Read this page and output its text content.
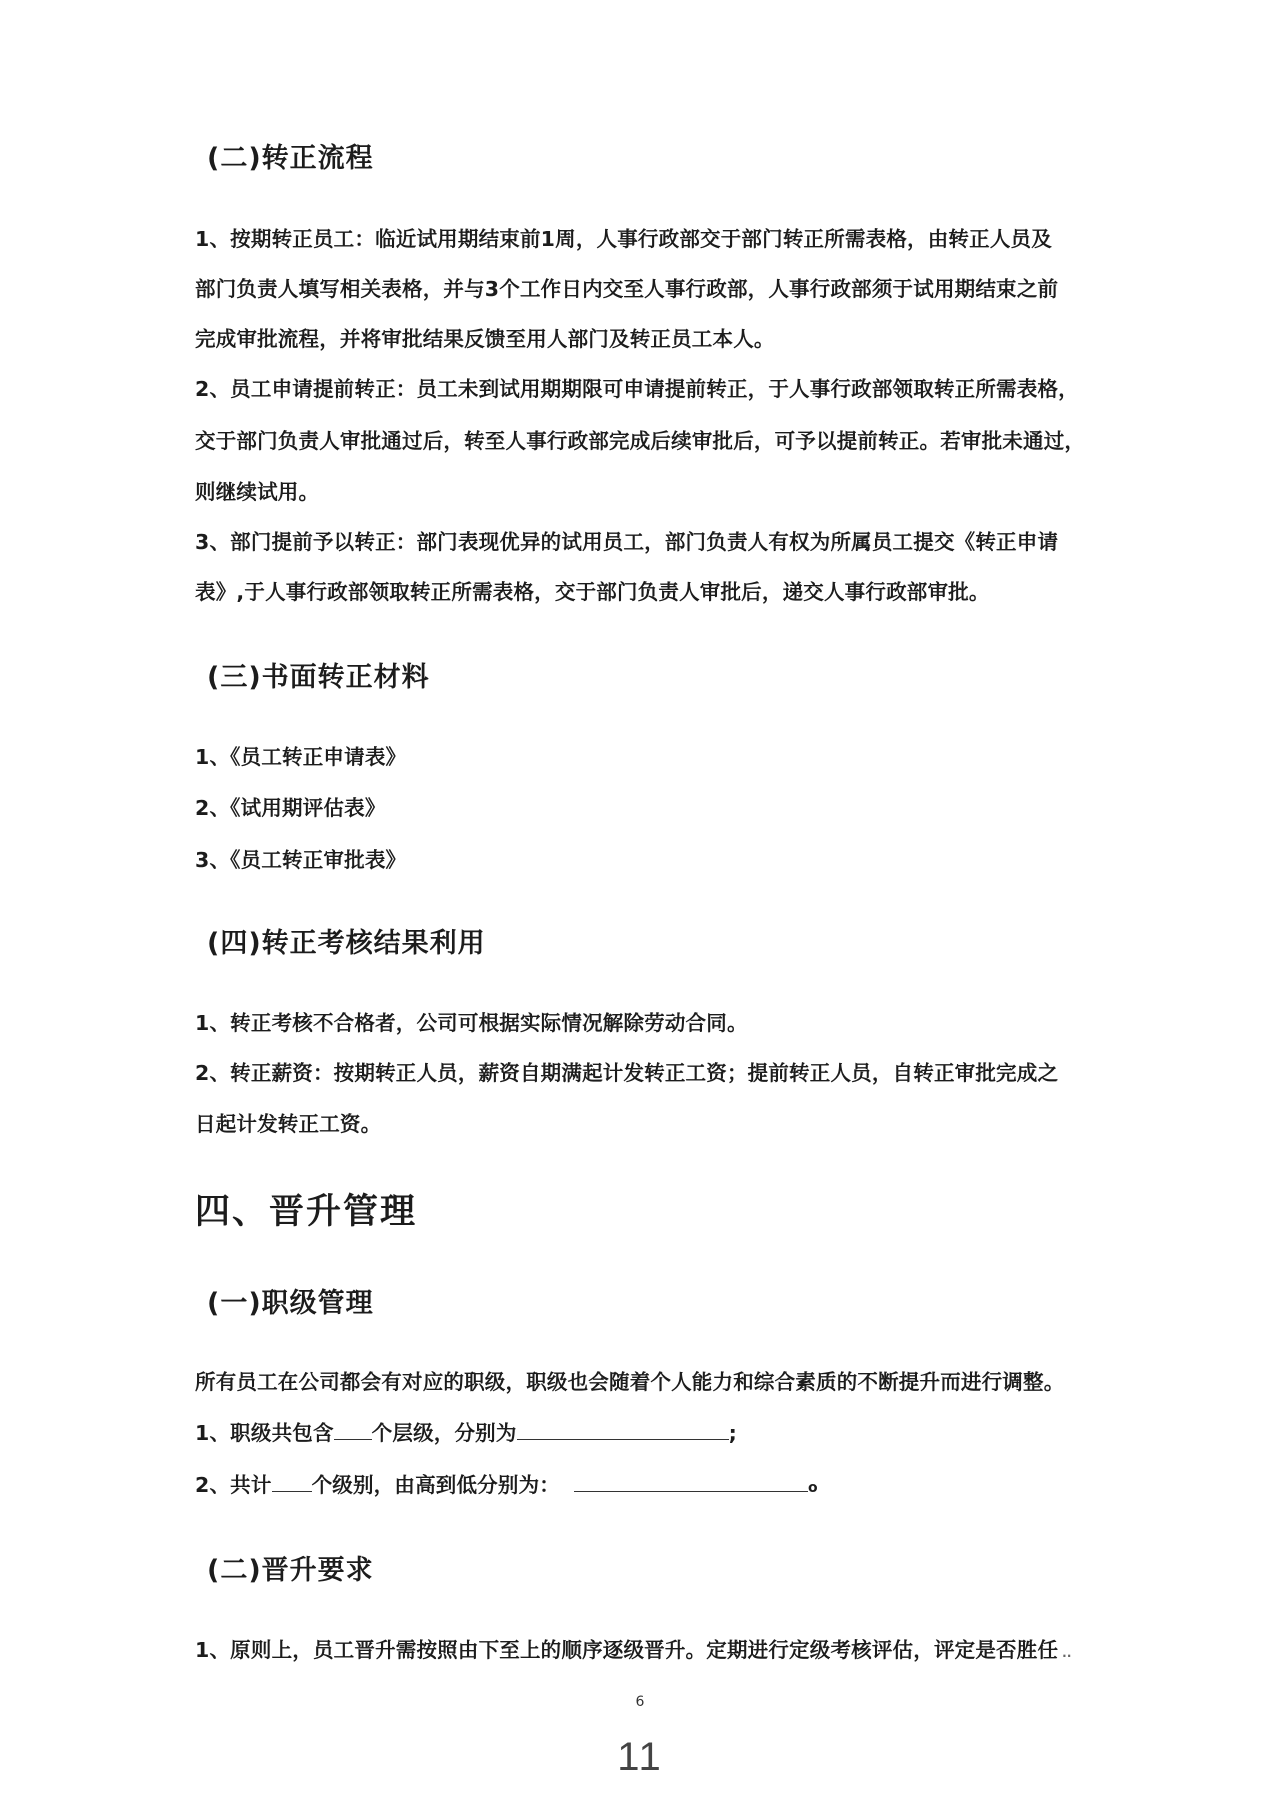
(二)转正流程
1、按期转正员工：临近试用期结束前1周，人事行政部交于部门转正所需表格，由转正人员及
部门负责人填写相关表格，并与3个工作日内交至人事行政部，人事行政部须于试用期结束之前
完成审批流程，并将审批结果反馈至用人部门及转正员工本人。
2、员工申请提前转正：员工未到试用期期限可申请提前转正，于人事行政部领取转正所需表格，
交于部门负责人审批通过后，转至人事行政部完成后续审批后，可予以提前转正。若审批未通过，
则继续试用。
3、部门提前予以转正：部门表现优异的试用员工，部门负责人有权为所属员工提交《转正申请
表》,于人事行政部领取转正所需表格，交于部门负责人审批后，递交人事行政部审批。
(三)书面转正材料
1、《员工转正申请表》
2、《试用期评估表》
3、《员工转正审批表》
(四)转正考核结果利用
1、转正考核不合格者，公司可根据实际情况解除劳动合同。
2、转正薪资：按期转正人员，薪资自期满起计发转正工资；提前转正人员，自转正审批完成之
日起计发转正工资。
四、晋升管理
(一)职级管理
所有员工在公司都会有对应的职级，职级也会随着个人能力和综合素质的不断提升而进行调整。
1、职级共包含 个层级，分别为	;
2、共计 个级别，由高到低分别为：	o
(二)晋升要求
1、原则上，员工晋升需按照由下至上的顺序逐级晋升。定期进行定级考核评估，评定是否胜任 ..
6
11
